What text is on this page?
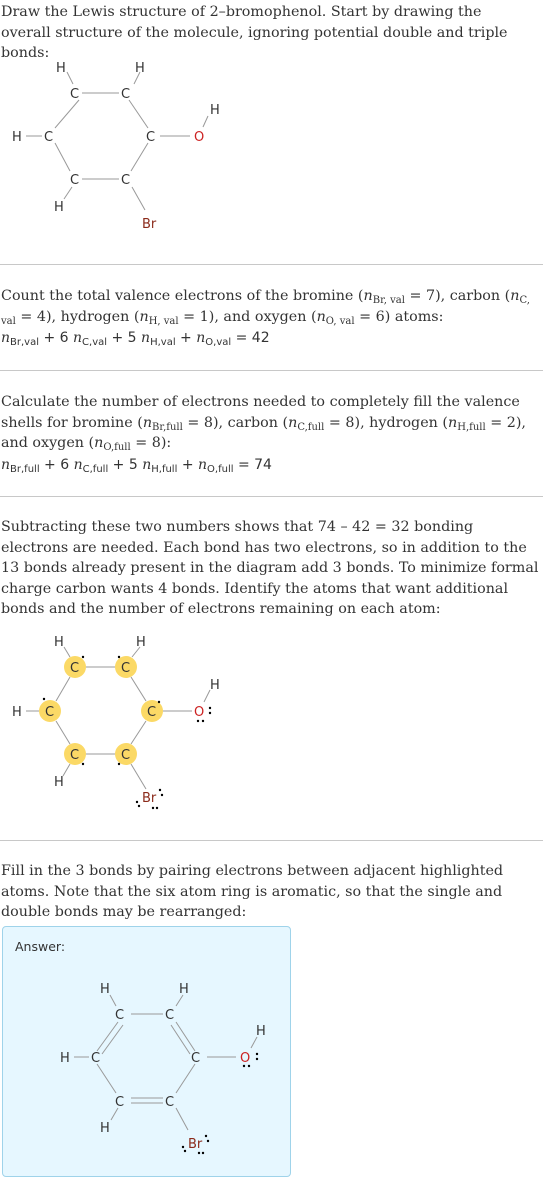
Draw the Lewis structure of 2–bromophenol. Start by drawing the overall structure of the molecule, ignoring potential double and triple bonds:

H	H
C	C
H C	C
C	C
H
H
O
Br

Count the total valence electrons of the bromine $(n_{Br, val} = 7)$, carbon $(n_{C, val} = 4)$, hydrogen $(n_{H, val} = 1)$, and oxygen $(n_{O, val} = 6)$ atoms:

$n_{Br,val} + 6$ $n_{C,val} + 5$ $n_{H,val} + n_{O,val} = 42$

Calculate the number of electrons needed to completely fill the valence shells for bromine $(n_{Br,full} = 8)$, carbon $(n_{C,full} = 8)$, hydrogen $(n_{H,full} = 2)$, and oxygen $(n_{O,full} = 8)$:

$n_{Br,full} + 6$ $n_{C,full} + 5$ $n_{H,full} + n_{O,full} = 74$

Subtracting these two numbers shows that 74 – 42 = 32 bonding electrons are needed. Each bond has two electrons, so in addition to the 13 bonds already present in the diagram add 3 bonds. To minimize formal charge carbon wants 4 bonds. Identify the atoms that want additional bonds and the number of electrons remaining on each atom:

H	H
C	C
H C	C
C	C
H
H
O
Br

Fill in the 3 bonds by pairing electrons between adjacent highlighted atoms. Note that the six atom ring is aromatic, so that the single and double bonds may be rearranged:

Answer:
H	H
C	C
H C	C
C	C
H
H
O
Br
